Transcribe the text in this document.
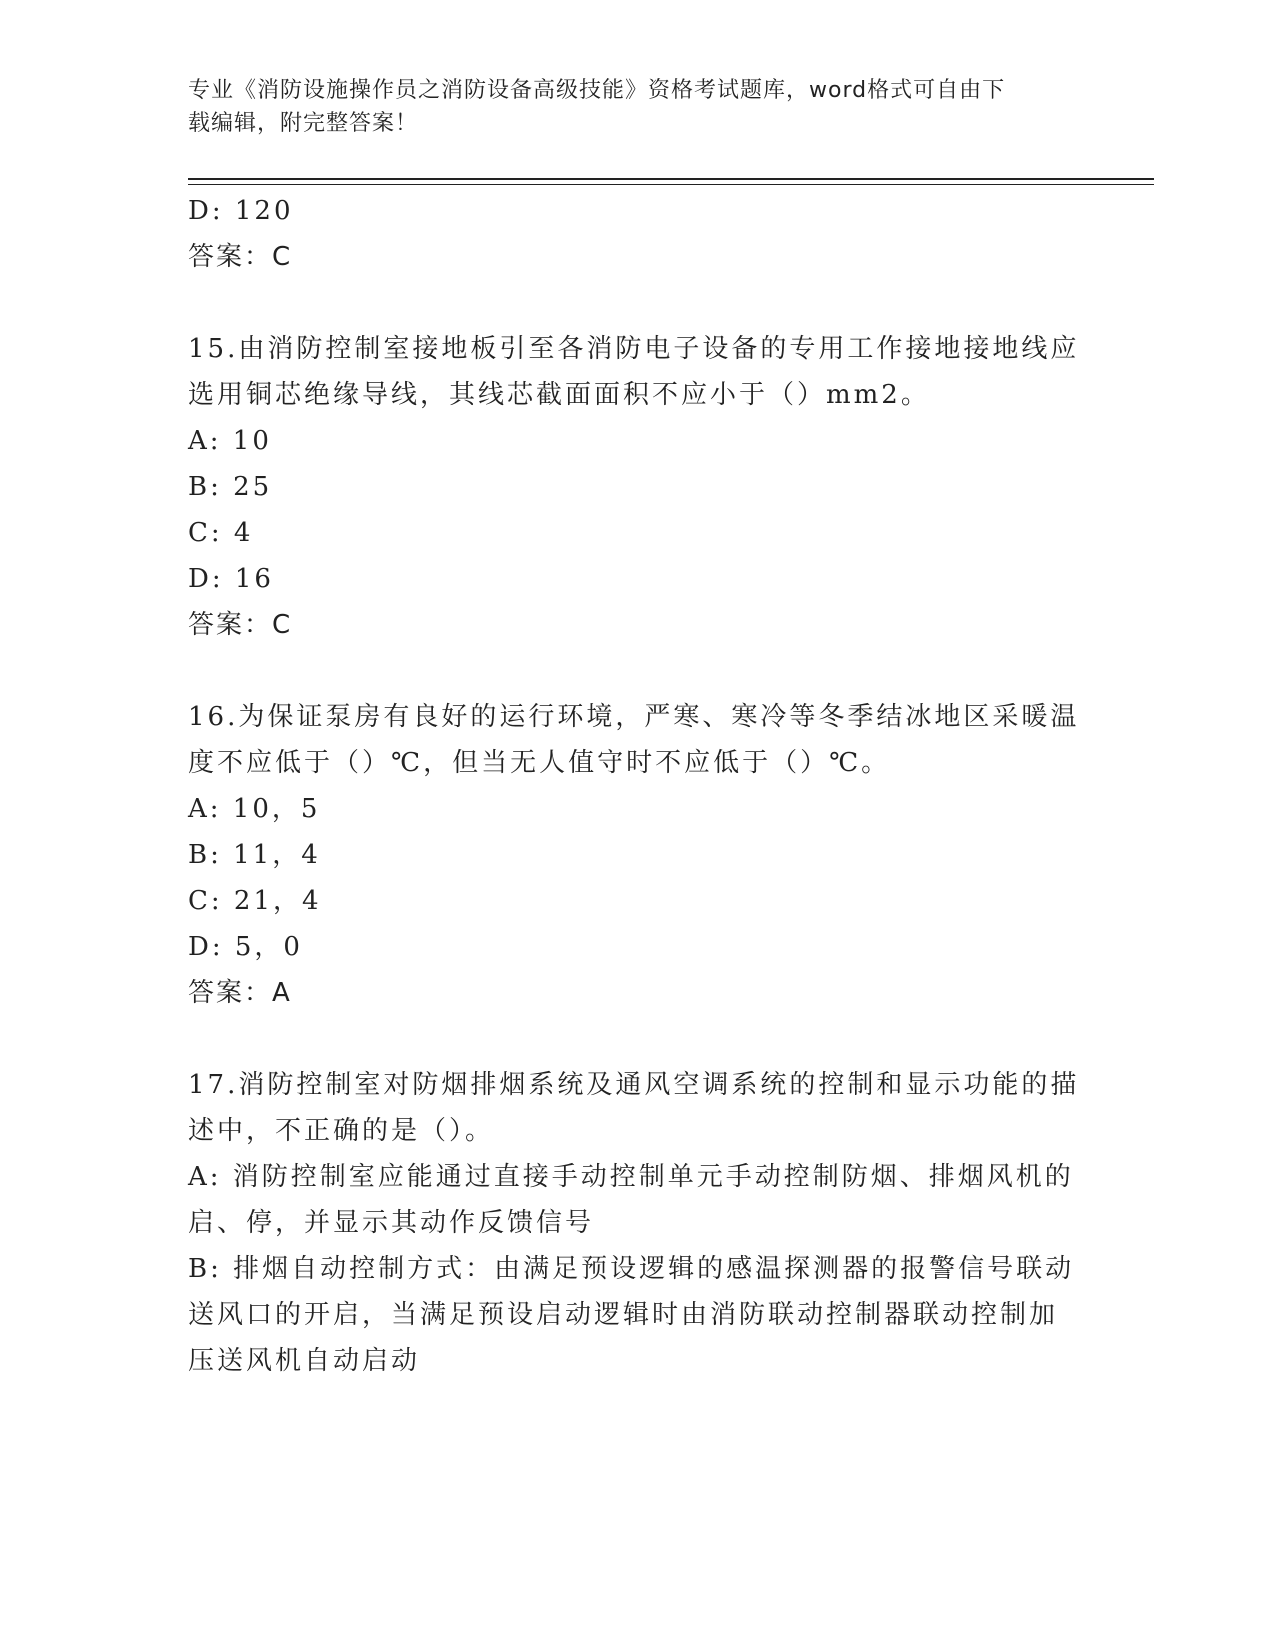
专业《消防设施操作员之消防设备高级技能》资格考试题库，word格式可自由下
载编辑，附完整答案！

D: 120

答案：C

15.由消防控制室接地板引至各消防电子设备的专用工作接地接地线应

选用铜芯绝缘导线，其线芯截面面积不应小于（）mm2。

A: 10

B: 25

C: 4

D: 16

答案：C

16.为保证泵房有良好的运行环境，严寒、寒冷等冬季结冰地区采暖温

度不应低于（）℃，但当无人值守时不应低于（）℃。

A: 10，5

B: 11，4

C: 21，4

D: 5，0

答案：A

17.消防控制室对防烟排烟系统及通风空调系统的控制和显示功能的描

述中，不正确的是（）。

A: 消防控制室应能通过直接手动控制单元手动控制防烟、排烟风机的

启、停，并显示其动作反馈信号

B: 排烟自动控制方式：由满足预设逻辑的感温探测器的报警信号联动

送风口的开启，当满足预设启动逻辑时由消防联动控制器联动控制加

压送风机自动启动
